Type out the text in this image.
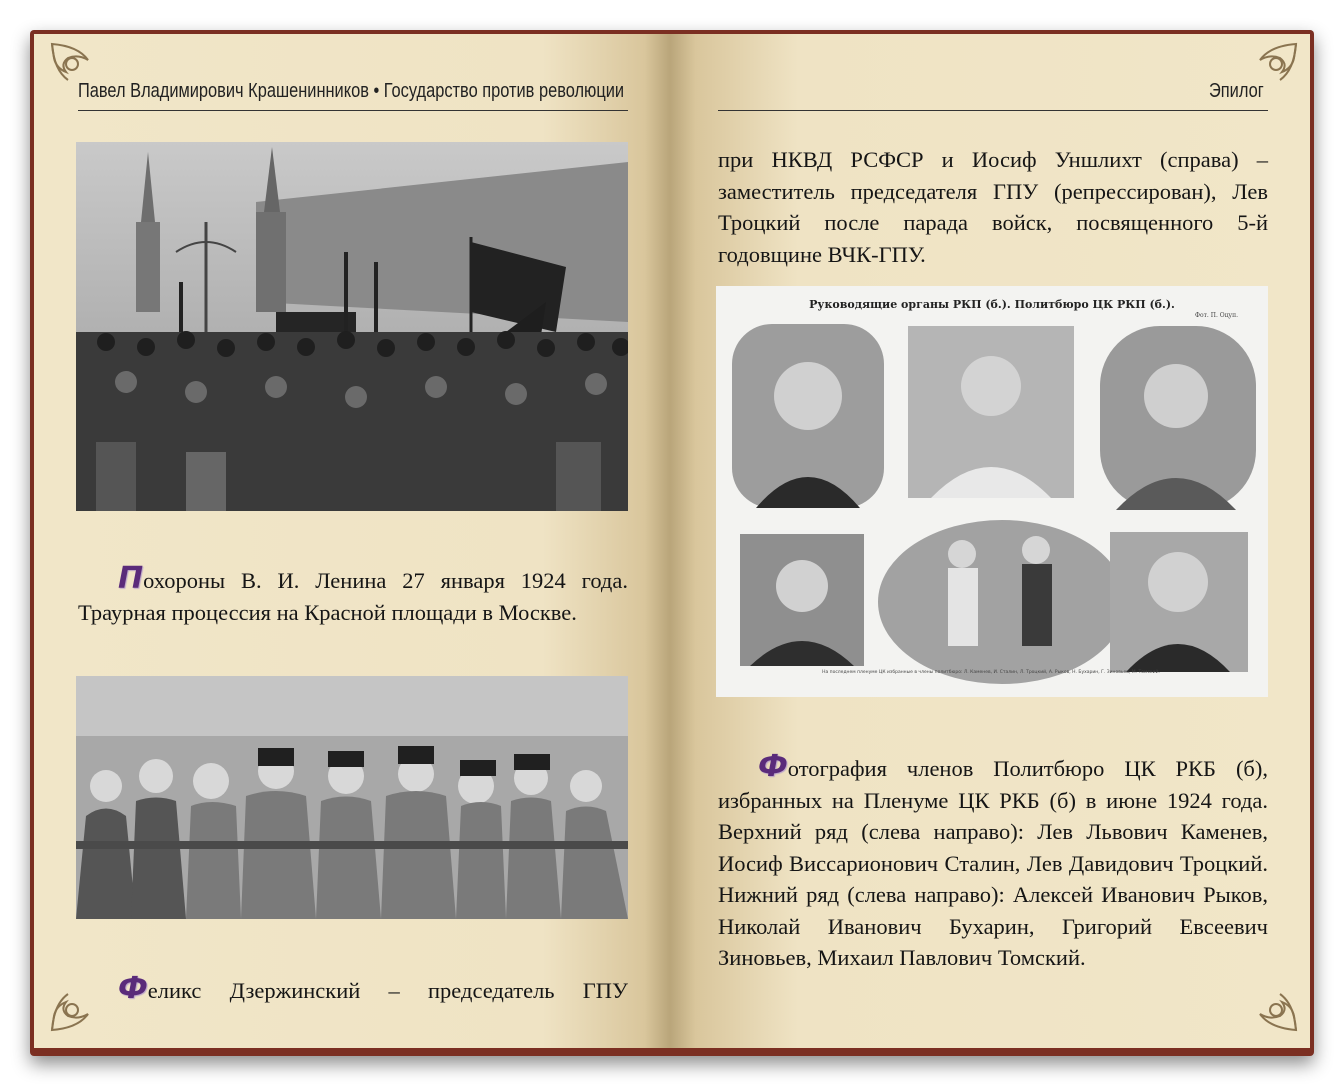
Павел Владимирович Крашенинников • Государство против революции	Эпилог
Похороны В. И. Ленина 27 января 1924 года. Траурная процессия на Красной площади в Москве.
Феликс Дзержинский – председатель ГПУ
при НКВД РСФСР и Иосиф Уншлихт (справа) – заместитель председателя ГПУ (репрессирован), Лев Троцкий после парада войск, посвященного 5-й годовщине ВЧК-ГПУ.
Руководящие органы РКП (б.). Политбюро ЦК РКП (б.).
Фот. П. Оцуп.
На последнем пленуме ЦК избранные в члены политбюро: Л. Каменев, И. Сталин, Л. Троцкий, А. Рыков, Н. Бухарин, Г. Зиновьев, М. Томский.
Фотография членов Политбюро ЦК РКБ (б), избранных на Пленуме ЦК РКБ (б) в июне 1924 года. Верхний ряд (слева направо): Лев Львович Каменев, Иосиф Виссарионович Сталин, Лев Давидович Троцкий. Нижний ряд (слева направо): Алексей Иванович Рыков, Николай Иванович Бухарин, Григорий Евсеевич Зиновьев, Михаил Павлович Томский.
